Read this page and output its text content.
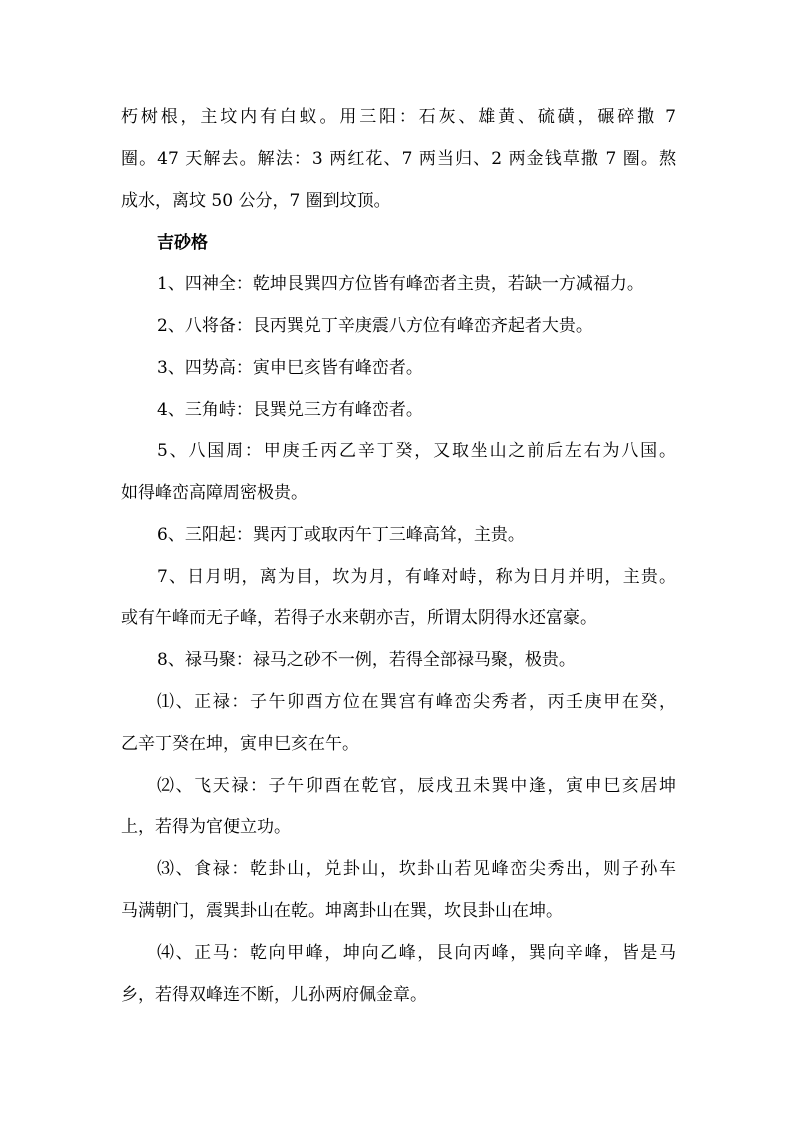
朽树根，主坟内有白蚁。用三阳：石灰、雄黄、硫磺，碾碎撒 7
圈。47 天解去。解法：3 两红花、7 两当归、2 两金钱草撒 7 圈。熬
成水，离坟 50 公分，7 圈到坟顶。
吉砂格
1、四神全：乾坤艮巽四方位皆有峰峦者主贵，若缺一方减福力。
2、八将备：艮丙巽兑丁辛庚震八方位有峰峦齐起者大贵。
3、四势高：寅申巳亥皆有峰峦者。
4、三角峙：艮巽兑三方有峰峦者。
5、八国周：甲庚壬丙乙辛丁癸，又取坐山之前后左右为八国。
如得峰峦高障周密极贵。
6、三阳起：巽丙丁或取丙午丁三峰高耸，主贵。
7、日月明，离为目，坎为月，有峰对峙，称为日月并明，主贵。
或有午峰而无子峰，若得子水来朝亦吉，所谓太阴得水还富豪。
8、禄马聚：禄马之砂不一例，若得全部禄马聚，极贵。
⑴、正禄：子午卯酉方位在巽宫有峰峦尖秀者，丙壬庚甲在癸，
乙辛丁癸在坤，寅申巳亥在午。
⑵、飞天禄：子午卯酉在乾官，辰戌丑未巽中逢，寅申巳亥居坤
上，若得为官便立功。
⑶、食禄：乾卦山，兑卦山，坎卦山若见峰峦尖秀出，则子孙车
马满朝门，震巽卦山在乾。坤离卦山在巽，坎艮卦山在坤。
⑷、正马：乾向甲峰，坤向乙峰，艮向丙峰，巽向辛峰，皆是马
乡，若得双峰连不断，儿孙两府佩金章。
